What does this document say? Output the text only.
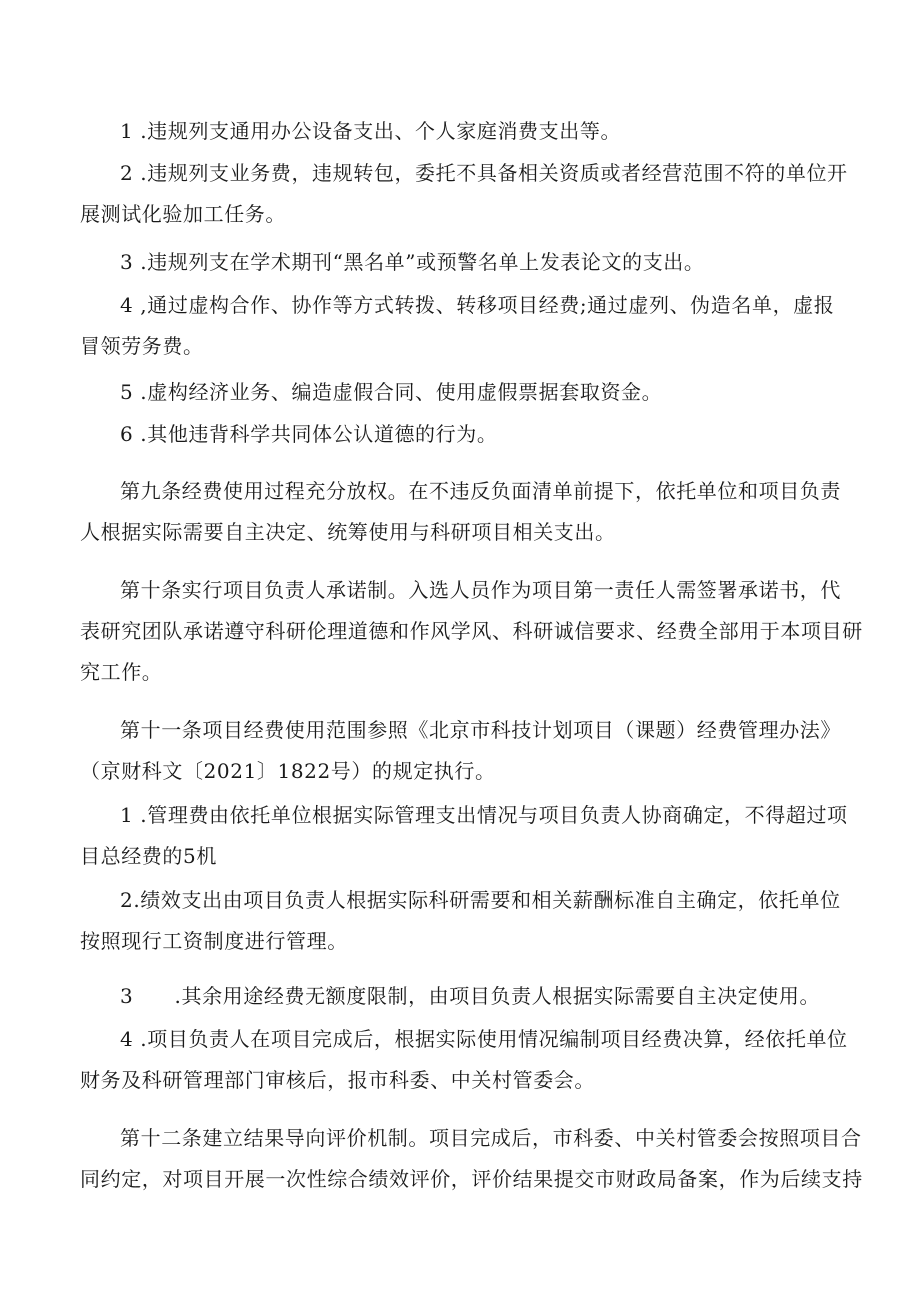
1 .违规列支通用办公设备支出、个人家庭消费支出等。

2 .违规列支业务费，违规转包，委托不具备相关资质或者经营范围不符的单位开
展测试化验加工任务。

3 .违规列支在学术期刊“黑名单”或预警名单上发表论文的支出。

4 ,通过虚构合作、协作等方式转拨、转移项目经费;通过虚列、伪造名单，虚报
冒领劳务费。

5 .虚构经济业务、编造虚假合同、使用虚假票据套取资金。

6 .其他违背科学共同体公认道德的行为。

第九条经费使用过程充分放权。在不违反负面清单前提下，依托单位和项目负责
人根据实际需要自主决定、统筹使用与科研项目相关支出。

第十条实行项目负责人承诺制。入选人员作为项目第一责任人需签署承诺书，代
表研究团队承诺遵守科研伦理道德和作风学风、科研诚信要求、经费全部用于本项目研
究工作。

第十一条项目经费使用范围参照《北京市科技计划项目（课题）经费管理办法》
（京财科文〔2021〕1822号）的规定执行。

1 .管理费由依托单位根据实际管理支出情况与项目负责人协商确定，不得超过项
目总经费的5机

2.绩效支出由项目负责人根据实际科研需要和相关薪酬标准自主确定，依托单位
按照现行工资制度进行管理。

3　　.其余用途经费无额度限制，由项目负责人根据实际需要自主决定使用。

4 .项目负责人在项目完成后，根据实际使用情况编制项目经费决算，经依托单位
财务及科研管理部门审核后，报市科委、中关村管委会。

第十二条建立结果导向评价机制。项目完成后，市科委、中关村管委会按照项目合
同约定，对项目开展一次性综合绩效评价，评价结果提交市财政局备案，作为后续支持
